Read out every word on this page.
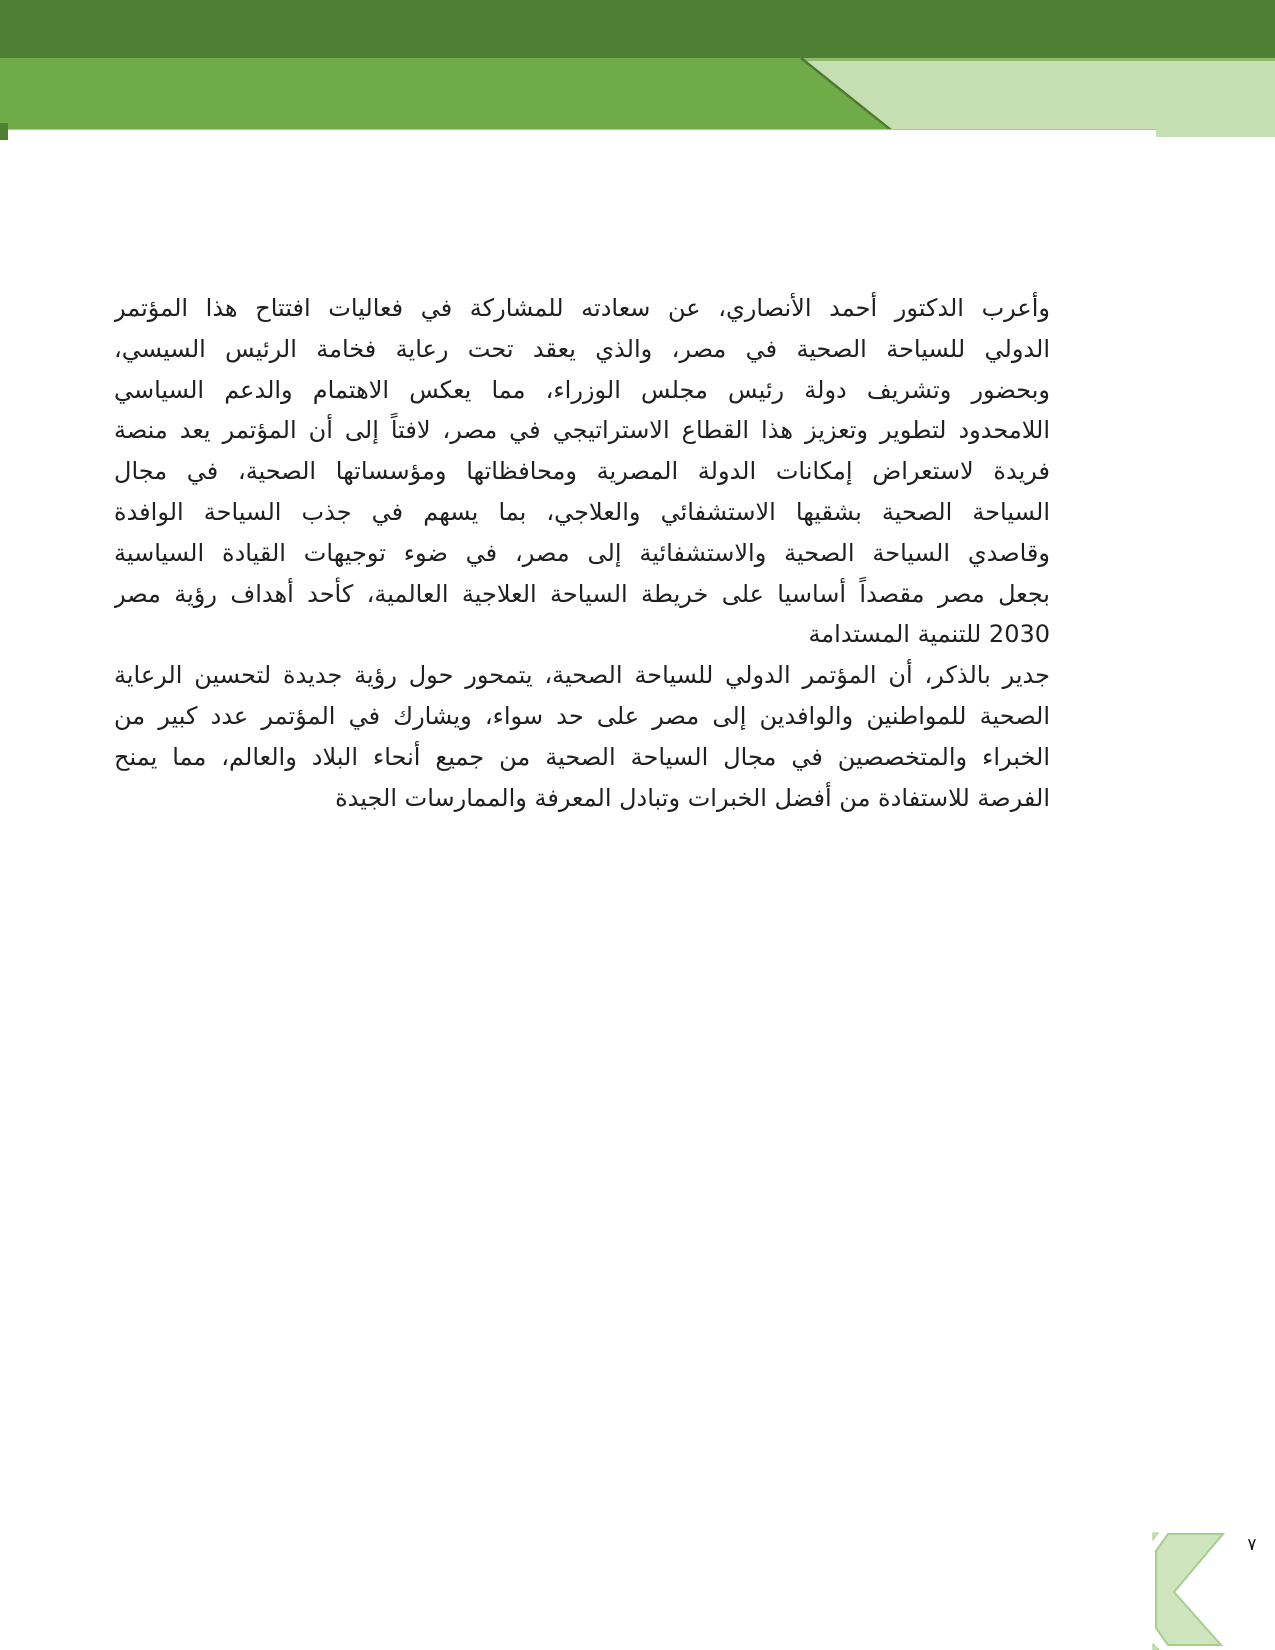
وأعرب الدكتور أحمد الأنصاري، عن سعادته للمشاركة في فعاليات افتتاح هذا المؤتمر
الدولي للسياحة الصحية في مصر، والذي يعقد تحت رعاية فخامة الرئيس السيسي،
وبحضور وتشريف دولة رئيس مجلس الوزراء، مما يعكس الاهتمام والدعم السياسي
اللامحدود لتطوير وتعزيز هذا القطاع الاستراتيجي في مصر، لافتاً إلى أن المؤتمر يعد منصة
فريدة لاستعراض إمكانات الدولة المصرية ومحافظاتها ومؤسساتها الصحية، في مجال
السياحة الصحية بشقيها الاستشفائي والعلاجي، بما يسهم في جذب السياحة الوافدة
وقاصدي السياحة الصحية والاستشفائية إلى مصر، في ضوء توجيهات القيادة السياسية
بجعل مصر مقصداً أساسيا على خريطة السياحة العلاجية العالمية، كأحد أهداف رؤية مصر
2030 للتنمية المستدامة
جدير بالذكر، أن المؤتمر الدولي للسياحة الصحية، يتمحور حول رؤية جديدة لتحسين الرعاية
الصحية للمواطنين والوافدين إلى مصر على حد سواء، ويشارك في المؤتمر عدد كبير من
الخبراء والمتخصصين في مجال السياحة الصحية من جميع أنحاء البلاد والعالم، مما يمنح
الفرصة للاستفادة من أفضل الخبرات وتبادل المعرفة والممارسات الجيدة
٧
